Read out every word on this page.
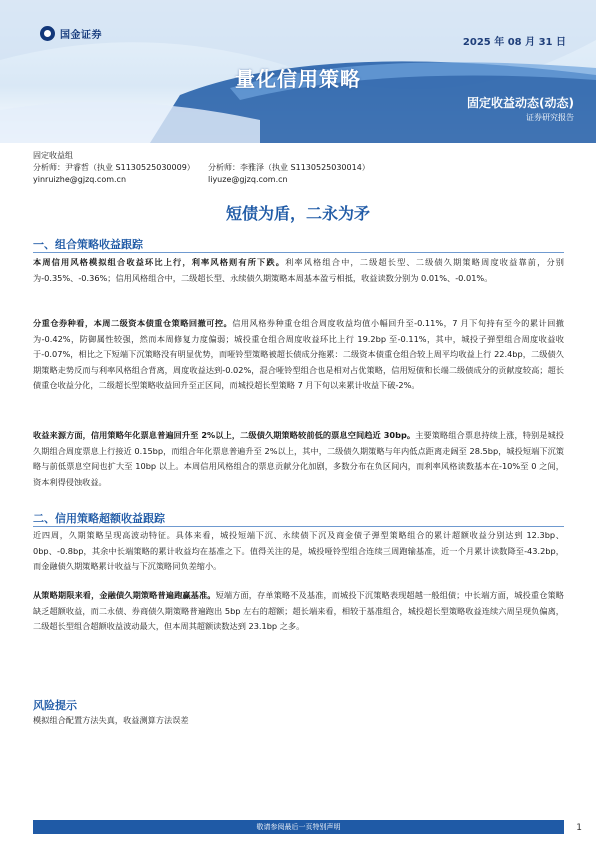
国金证券
2025 年 08 月 31 日
量化信用策略
固定收益动态(动态)
证券研究报告
固定收益组
分析师：尹睿哲（执业 S1130525030009）	分析师：李雅泽（执业 S1130525030014）
yinruizhe@gjzq.com.cn	liyuze@gjzq.com.cn
短债为盾，二永为矛
一、组合策略收益跟踪
本周信用风格模拟组合收益环比上行，利率风格则有所下跌。利率风格组合中，二级超长型、二级债久期策略周度收益靠前，分别为-0.35%、-0.36%；信用风格组合中，二级超长型、永续债久期策略本周基本盈亏相抵，收益读数分别为 0.01%、-0.01%。
分重仓券种看，本周二级资本债重仓策略回撤可控。信用风格券种重仓组合周度收益均值小幅回升至-0.11%，7 月下旬持有至今的累计回撤为-0.42%，防御属性较强，然而本周修复力度偏弱；城投重仓组合周度收益环比上行 19.2bp 至-0.11%，其中，城投子弹型组合周度收益收于-0.07%，相比之下短端下沉策略没有明显优势，而哑铃型策略被超长债成分拖累：二级资本债重仓组合较上周平均收益上行 22.4bp，二级债久期策略走势反而与利率风格组合背离，周度收益达到-0.02%，混合哑铃型组合也是相对占优策略，信用短债和长端二级债成分的贡献度较高；超长债重仓收益分化，二级超长型策略收益回升至正区间，而城投超长型策略 7 月下旬以来累计收益下破-2%。
收益来源方面，信用策略年化票息普遍回升至 2%以上，二级债久期策略较前低的票息空间趋近 30bp。主要策略组合票息持续上涨，特别是城投久期组合周度票息上行接近 0.15bp，而组合年化票息普遍升至 2%以上，其中，二级债久期策略与年内低点距离走阔至 28.5bp，城投短端下沉策略与前低票息空间也扩大至 10bp 以上。本周信用风格组合的票息贡献分化加剧，多数分布在负区间内，而利率风格读数基本在-10%至 0 之间，资本利得侵蚀收益。
二、信用策略超额收益跟踪
近四周，久期策略呈现高波动特征。具体来看，城投短端下沉、永续债下沉及商金债子弹型策略组合的累计超额收益分别达到 12.3bp、0bp、-0.8bp，其余中长端策略的累计收益均在基准之下。值得关注的是，城投哑铃型组合连续三周跑输基准，近一个月累计读数降至-43.2bp，而金融债久期策略累计收益与下沉策略同负差缩小。
从策略期限来看，金融债久期策略普遍跑赢基准。短端方面，存单策略不及基准，而城投下沉策略表现超越一般组债；中长端方面，城投重仓策略缺乏超额收益，而二永债、券商债久期策略普遍跑出 5bp 左右的超额；超长端来看，相较于基准组合，城投超长型策略收益连续六周呈现负偏离，二级超长型组合超额收益波动最大，但本周其超额读数达到 23.1bp 之多。
风险提示
模拟组合配置方法失真，收益测算方法误差
敬请参阅最后一页特别声明	1
